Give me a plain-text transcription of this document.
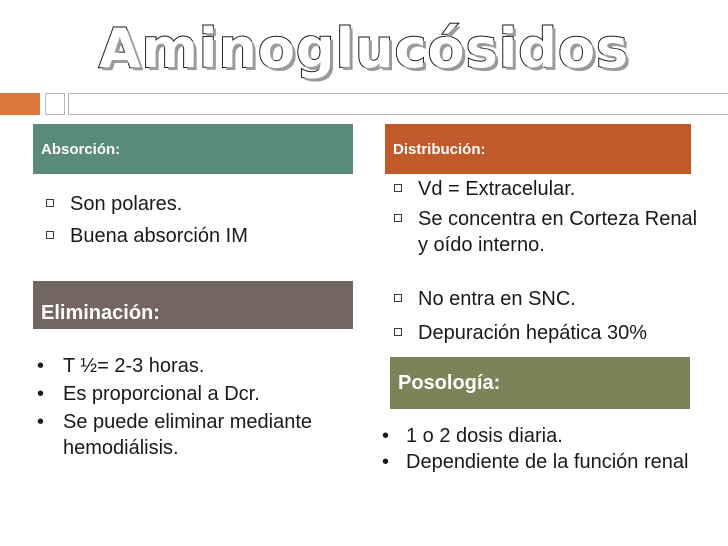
Aminoglucósidos
Absorción:
Son polares.
Buena absorción IM
Distribución:
Vd = Extracelular.
Se concentra en Corteza Renal y oído interno.
No entra en SNC.
Depuración hepática 30%
Eliminación:
• T ½= 2-3 horas.
• Es proporcional a Dcr.
• Se puede eliminar mediante hemodiálisis.
Posología:
• 1 o 2 dosis diaria.
• Dependiente de la función renal
